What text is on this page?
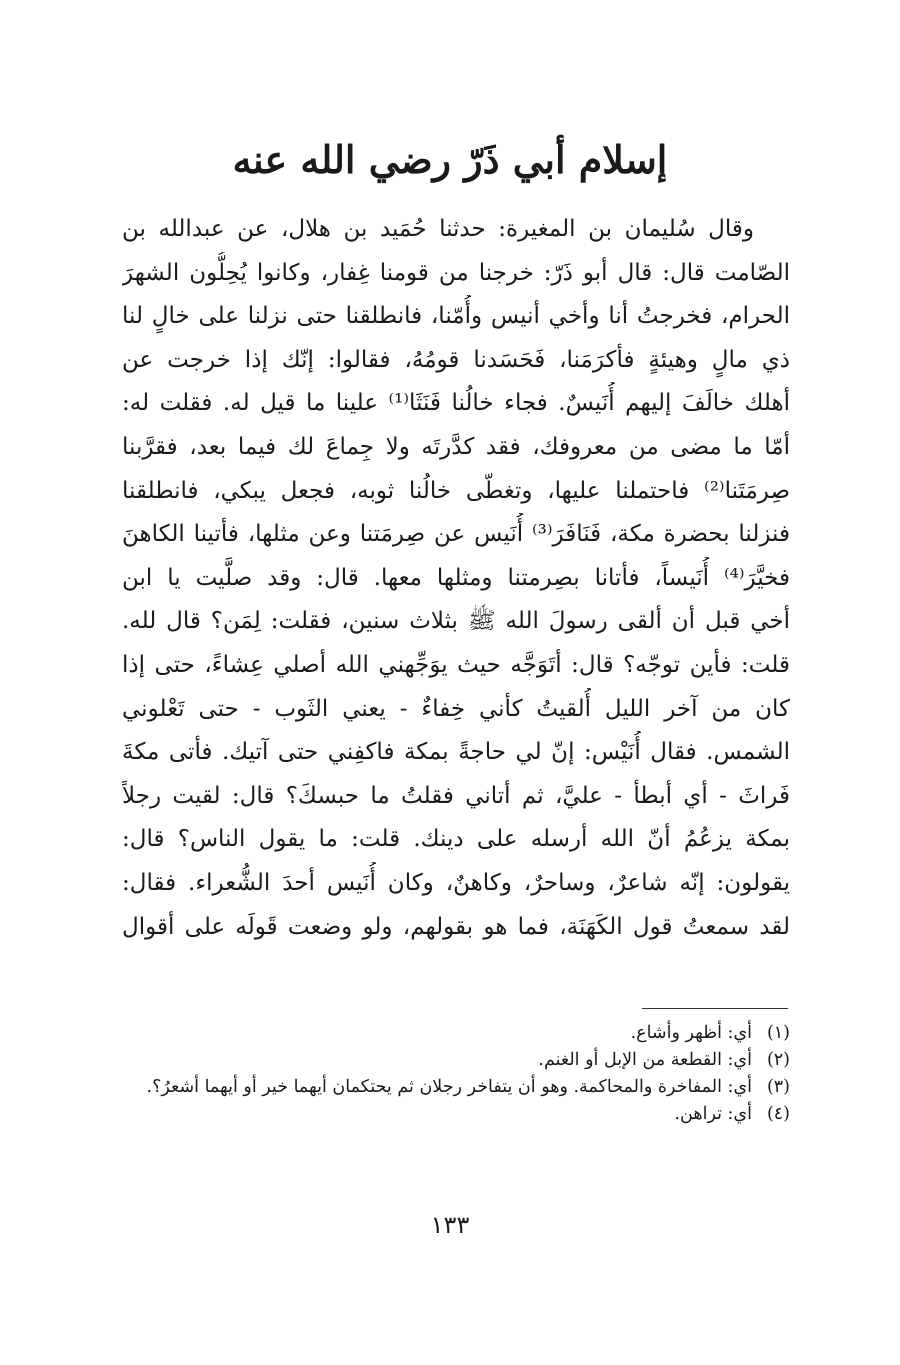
إسلام أبي ذَرّ رضي الله عنه
وقال سُليمان بن المغيرة: حدثنا حُمَيد بن هلال، عن عبدالله بن
الصّامت قال: قال أبو ذَرّ: خرجنا من قومنا غِفار، وكانوا يُحِلُّون الشهرَ
الحرام، فخرجتُ أنا وأخي أنيس وأُمّنا، فانطلقنا حتى نزلنا على خالٍ لنا
ذي مالٍ وهيئةٍ فأكرَمَنا، فَحَسَدنا قومُهُ، فقالوا: إنّك إذا خرجت عن
أهلك خالَفَ إليهم أُنَيسٌ. فجاء خالُنا فَنَثَا⁽¹⁾ علينا ما قيل له. فقلت له:
أمّا ما مضى من معروفك، فقد كدَّرتَه ولا جِماعَ لك فيما بعد، فقرَّبنا
صِرمَتَنا⁽²⁾ فاحتملنا عليها، وتغطّى خالُنا ثوبه، فجعل يبكي، فانطلقنا
فنزلنا بحضرة مكة، فَنَافَرَ⁽³⁾ أُنَيس عن صِرمَتنا وعن مثلها، فأتينا الكاهنَ
فخيَّرَ⁽⁴⁾ أُنَيساً، فأتانا بصِرمتنا ومثلها معها. قال: وقد صلَّيت يا ابن
أخي قبل أن ألقى رسولَ الله ﷺ بثلاث سنين، فقلت: لِمَن؟ قال لله.
قلت: فأين توجّه؟ قال: أتَوَجَّه حيث يوَجِّهني الله أصلي عِشاءً، حتى إذا
كان من آخر الليل أُلقيتُ كأني خِفاءٌ - يعني الثَوب - حتى تَعْلوني
الشمس. فقال أُنَيْس: إنّ لي حاجةً بمكة فاكفِني حتى آتيك. فأتى مكةَ
فَراثَ - أي أبطأ - عليَّ، ثم أتاني فقلتُ ما حبسكَ؟ قال: لقيت رجلاً
بمكة يزعُمُ أنّ الله أرسله على دينك. قلت: ما يقول الناس؟ قال:
يقولون: إنّه شاعرٌ، وساحرٌ، وكاهنٌ، وكان أُنَيس أحدَ الشُّعراء. فقال:
لقد سمعتُ قول الكَهَنَة، فما هو بقولهم، ولو وضعت قَولَه على أقوال
(١)
أي: أظهر وأشاع.
(٢)
أي: القطعة من الإبل أو الغنم.
(٣)
أي: المفاخرة والمحاكمة. وهو أن يتفاخر رجلان ثم يحتكمان أيهما خير أو أيهما أشعرُ؟.
(٤)
أي: تراهن.
١٣٣
